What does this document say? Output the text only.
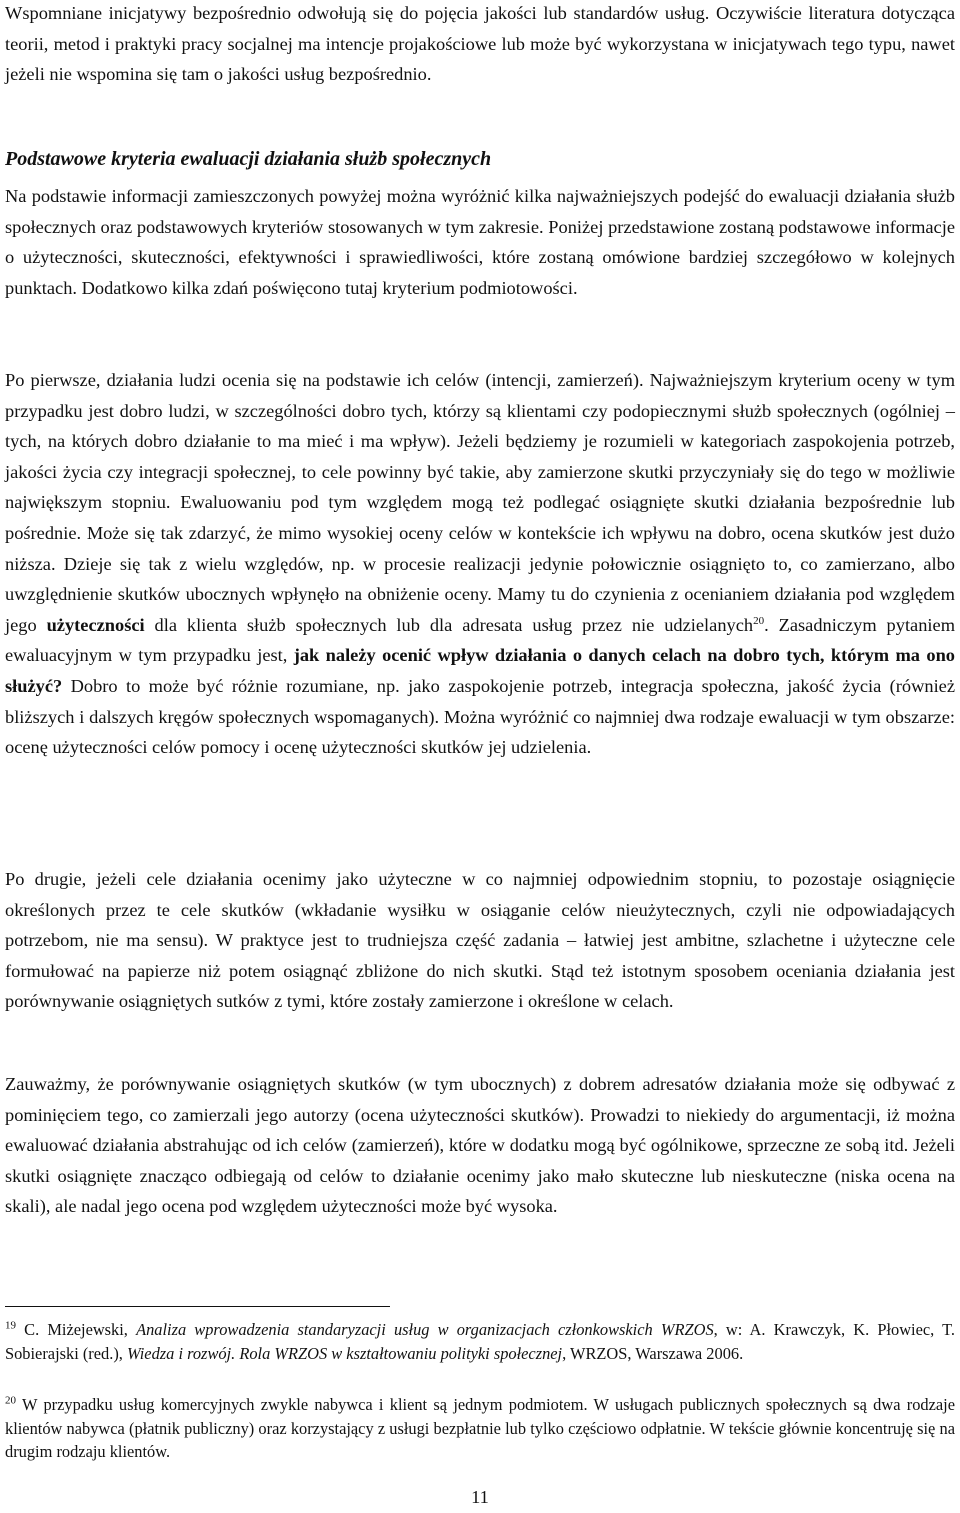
Wspomniane inicjatywy bezpośrednio odwołują się do pojęcia jakości lub standardów usług. Oczywiście literatura dotycząca teorii, metod i praktyki pracy socjalnej ma intencje projakościowe lub może być wykorzystana w inicjatywach tego typu, nawet jeżeli nie wspomina się tam o jakości usług bezpośrednio.

Podstawowe kryteria ewaluacji działania służb społecznych

Na podstawie informacji zamieszczonych powyżej można wyróżnić kilka najważniejszych podejść do ewaluacji działania służb społecznych oraz podstawowych kryteriów stosowanych w tym zakresie. Poniżej przedstawione zostaną podstawowe informacje o użyteczności, skuteczności, efektywności i sprawiedliwości, które zostaną omówione bardziej szczegółowo w kolejnych punktach. Dodatkowo kilka zdań poświęcono tutaj kryterium podmiotowości.

Po pierwsze, działania ludzi ocenia się na podstawie ich celów (intencji, zamierzeń). Najważniejszym kryterium oceny w tym przypadku jest dobro ludzi, w szczególności dobro tych, którzy są klientami czy podopiecznymi służb społecznych (ogólniej – tych, na których dobro działanie to ma mieć i ma wpływ). Jeżeli będziemy je rozumieli w kategoriach zaspokojenia potrzeb, jakości życia czy integracji społecznej, to cele powinny być takie, aby zamierzone skutki przyczyniały się do tego w możliwie największym stopniu. Ewaluowaniu pod tym względem mogą też podlegać osiągnięte skutki działania bezpośrednie lub pośrednie. Może się tak zdarzyć, że mimo wysokiej oceny celów w kontekście ich wpływu na dobro, ocena skutków jest dużo niższa. Dzieje się tak z wielu względów, np. w procesie realizacji jedynie połowicznie osiągnięto to, co zamierzano, albo uwzględnienie skutków ubocznych wpłynęło na obniżenie oceny. Mamy tu do czynienia z ocenianiem działania pod względem jego użyteczności dla klienta służb społecznych lub dla adresata usług przez nie udzielanych$^{20}$. Zasadniczym pytaniem ewaluacyjnym w tym przypadku jest, jak należy ocenić wpływ działania o danych celach na dobro tych, którym ma ono służyć? Dobro to może być różnie rozumiane, np. jako zaspokojenie potrzeb, integracja społeczna, jakość życia (również bliższych i dalszych kręgów społecznych wspomaganych). Można wyróżnić co najmniej dwa rodzaje ewaluacji w tym obszarze: ocenę użyteczności celów pomocy i ocenę użyteczności skutków jej udzielenia.

Po drugie, jeżeli cele działania ocenimy jako użyteczne w co najmniej odpowiednim stopniu, to pozostaje osiągnięcie określonych przez te cele skutków (wkładanie wysiłku w osiąganie celów nieużytecznych, czyli nie odpowiadających potrzebom, nie ma sensu). W praktyce jest to trudniejsza część zadania – łatwiej jest ambitne, szlachetne i użyteczne cele formułować na papierze niż potem osiągnąć zbliżone do nich skutki. Stąd też istotnym sposobem oceniania działania jest porównywanie osiągniętych sutków z tymi, które zostały zamierzone i określone w celach.

Zauważmy, że porównywanie osiągniętych skutków (w tym ubocznych) z dobrem adresatów działania może się odbywać z pominięciem tego, co zamierzali jego autorzy (ocena użyteczności skutków). Prowadzi to niekiedy do argumentacji, iż można ewaluować działania abstrahując od ich celów (zamierzeń), które w dodatku mogą być ogólnikowe, sprzeczne ze sobą itd. Jeżeli skutki osiągnięte znacząco odbiegają od celów to działanie ocenimy jako mało skuteczne lub nieskuteczne (niska ocena na skali), ale nadal jego ocena pod względem użyteczności może być wysoka.

$^{19}$ C. Miżejewski, Analiza wprowadzenia standaryzacji usług w organizacjach członkowskich WRZOS, w: A. Krawczyk, K. Płowiec, T. Sobierajski (red.), Wiedza i rozwój. Rola WRZOS w kształtowaniu polityki społecznej, WRZOS, Warszawa 2006.

$^{20}$ W przypadku usług komercyjnych zwykle nabywca i klient są jednym podmiotem. W usługach publicznych społecznych są dwa rodzaje klientów nabywca (płatnik publiczny) oraz korzystający z usługi bezpłatnie lub tylko częściowo odpłatnie. W tekście głównie koncentruję się na drugim rodzaju klientów.

11
